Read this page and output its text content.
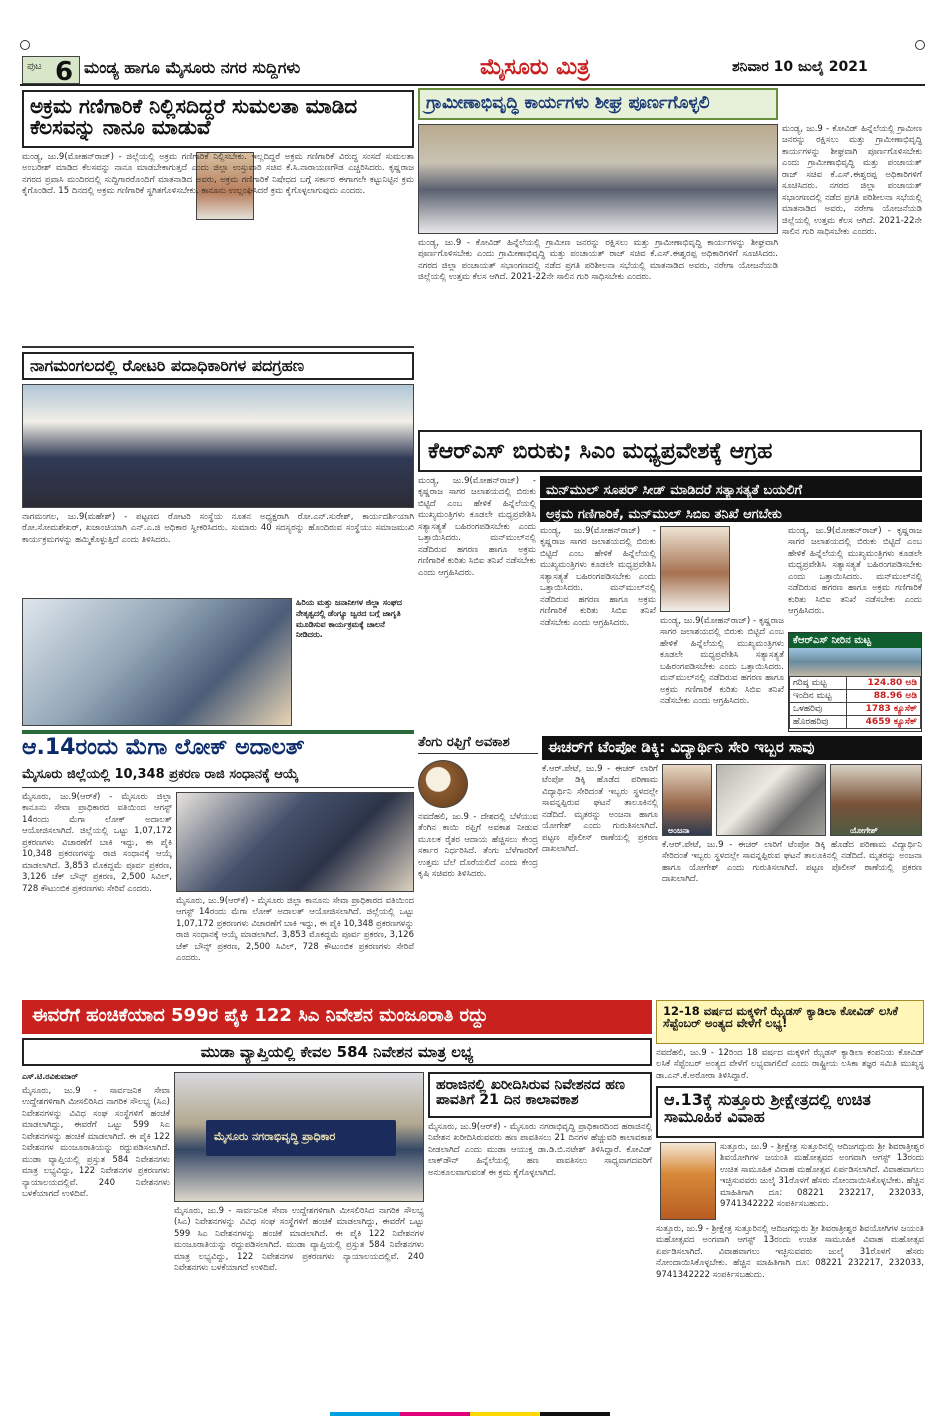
ಪುಟ 6 ಮಂಡ್ಯ ಹಾಗೂ ಮೈಸೂರು ನಗರ ಸುದ್ದಿಗಳು	ಮೈಸೂರು ಮಿತ್ರ	ಶನಿವಾರ 10 ಜುಲೈ 2021
ಅಕ್ರಮ ಗಣಿಗಾರಿಕೆ ನಿಲ್ಲಿಸದಿದ್ದರೆ ಸುಮಲತಾ ಮಾಡಿದ ಕೆಲಸವನ್ನು ನಾನೂ ಮಾಡುವೆ
ಮಂಡ್ಯ, ಜು.9(ಮೋಹನ್‌ರಾಜ್) - ಜಿಲ್ಲೆಯಲ್ಲಿ ಅಕ್ರಮ ಗಣಿಗಾರಿಕೆ ನಿಲ್ಲಿಸಬೇಕು. ಇಲ್ಲದಿದ್ದರೆ ಅಕ್ರಮ ಗಣಿಗಾರಿಕೆ ವಿರುದ್ಧ ಸಂಸದೆ ಸುಮಲತಾ ಅಂಬರೀಶ್ ಮಾಡಿದ ಕೆಲಸವನ್ನು ನಾನೂ ಮಾಡಬೇಕಾಗುತ್ತದೆ ಎಂದು ಜಿಲ್ಲಾ ಉಸ್ತುವಾರಿ ಸಚಿವ ಕೆ.ಸಿ.ನಾರಾಯಣಗೌಡ ಎಚ್ಚರಿಸಿದರು. ಕೃಷ್ಣರಾಜ ನಗರದ ಪ್ರವಾಸಿ ಮಂದಿರದಲ್ಲಿ ಸುದ್ದಿಗಾರರೊಂದಿಗೆ ಮಾತನಾಡಿದ ಅವರು, ಅಕ್ರಮ ಗಣಿಗಾರಿಕೆ ನಿಷೇಧದ ಬಗ್ಗೆ ಸರ್ಕಾರ ಈಗಾಗಲೇ ಕಟ್ಟುನಿಟ್ಟಿನ ಕ್ರಮ ಕೈಗೊಂಡಿದೆ. 15 ದಿನದಲ್ಲಿ ಅಕ್ರಮ ಗಣಿಗಾರಿಕೆ ಸ್ಥಗಿತಗೊಳಿಸಬೇಕು. ಕಾನೂನು ಉಲ್ಲಂಘಿಸಿದರೆ ಕ್ರಮ ಕೈಗೊಳ್ಳಲಾಗುವುದು ಎಂದರು.
ನಾಗಮಂಗಲದಲ್ಲಿ ರೋಟರಿ ಪದಾಧಿಕಾರಿಗಳ ಪದಗ್ರಹಣ
ನಾಗಮಂಗಲ, ಜು.9(ಮಹೇಶ್) - ಪಟ್ಟಣದ ರೋಟರಿ ಸಂಸ್ಥೆಯ ನೂತನ ಅಧ್ಯಕ್ಷರಾಗಿ ರೋ.ಎನ್.ಸುರೇಶ್, ಕಾರ್ಯದರ್ಶಿಯಾಗಿ ರೋ.ಸೋಮಶೇಖರ್, ಖಜಾಂಚಿಯಾಗಿ ಎನ್.ಎ.ಜಿ ಅಧಿಕಾರ ಸ್ವೀಕರಿಸಿದರು. ಸುಮಾರು 40 ಸದಸ್ಯರನ್ನು ಹೊಂದಿರುವ ಸಂಸ್ಥೆಯು ಸಮಾಜಮುಖಿ ಕಾರ್ಯಕ್ರಮಗಳನ್ನು ಹಮ್ಮಿಕೊಳ್ಳುತ್ತಿದೆ ಎಂದು ತಿಳಿಸಿದರು.
ಹಿರಿಯ ಮತ್ತು ಜನಾನೀಗಳ ಜಿಲ್ಲಾ ಸಂಘದ ನೇತೃತ್ವದಲ್ಲಿ ಡೆಂಗ್ಯೂ ಜ್ವರದ ಬಗ್ಗೆ ಜಾಗೃತಿ ಮೂಡಿಸುವ ಕಾರ್ಯಕ್ರಮಕ್ಕೆ ಚಾಲನೆ ನೀಡಿದರು.
ಗ್ರಾಮೀಣಾಭಿವೃದ್ಧಿ ಕಾರ್ಯಗಳು ಶೀಘ್ರ ಪೂರ್ಣಗೊಳ್ಳಲಿ
ಮಂಡ್ಯ, ಜು.9 - ಕೋವಿಡ್ ಹಿನ್ನೆಲೆಯಲ್ಲಿ ಗ್ರಾಮೀಣ ಜನರನ್ನು ರಕ್ಷಿಸಲು ಮತ್ತು ಗ್ರಾಮೀಣಾಭಿವೃದ್ಧಿ ಕಾರ್ಯಗಳನ್ನು ಶೀಘ್ರವಾಗಿ ಪೂರ್ಣಗೊಳಿಸಬೇಕು ಎಂದು ಗ್ರಾಮೀಣಾಭಿವೃದ್ಧಿ ಮತ್ತು ಪಂಚಾಯತ್ ರಾಜ್ ಸಚಿವ ಕೆ.ಎಸ್.ಈಶ್ವರಪ್ಪ ಅಧಿಕಾರಿಗಳಿಗೆ ಸೂಚಿಸಿದರು. ನಗರದ ಜಿಲ್ಲಾ ಪಂಚಾಯತ್ ಸಭಾಂಗಣದಲ್ಲಿ ನಡೆದ ಪ್ರಗತಿ ಪರಿಶೀಲನಾ ಸಭೆಯಲ್ಲಿ ಮಾತನಾಡಿದ ಅವರು, ನರೇಗಾ ಯೋಜನೆಯಡಿ ಜಿಲ್ಲೆಯಲ್ಲಿ ಉತ್ತಮ ಕೆಲಸ ಆಗಿದೆ. 2021-22ನೇ ಸಾಲಿನ ಗುರಿ ಸಾಧಿಸಬೇಕು ಎಂದರು.
ಮಂಡ್ಯ, ಜು.9 - ಕೋವಿಡ್ ಹಿನ್ನೆಲೆಯಲ್ಲಿ ಗ್ರಾಮೀಣ ಜನರನ್ನು ರಕ್ಷಿಸಲು ಮತ್ತು ಗ್ರಾಮೀಣಾಭಿವೃದ್ಧಿ ಕಾರ್ಯಗಳನ್ನು ಶೀಘ್ರವಾಗಿ ಪೂರ್ಣಗೊಳಿಸಬೇಕು ಎಂದು ಗ್ರಾಮೀಣಾಭಿವೃದ್ಧಿ ಮತ್ತು ಪಂಚಾಯತ್ ರಾಜ್ ಸಚಿವ ಕೆ.ಎಸ್.ಈಶ್ವರಪ್ಪ ಅಧಿಕಾರಿಗಳಿಗೆ ಸೂಚಿಸಿದರು. ನಗರದ ಜಿಲ್ಲಾ ಪಂಚಾಯತ್ ಸಭಾಂಗಣದಲ್ಲಿ ನಡೆದ ಪ್ರಗತಿ ಪರಿಶೀಲನಾ ಸಭೆಯಲ್ಲಿ ಮಾತನಾಡಿದ ಅವರು, ನರೇಗಾ ಯೋಜನೆಯಡಿ ಜಿಲ್ಲೆಯಲ್ಲಿ ಉತ್ತಮ ಕೆಲಸ ಆಗಿದೆ. 2021-22ನೇ ಸಾಲಿನ ಗುರಿ ಸಾಧಿಸಬೇಕು ಎಂದರು.
ಕೆಆರ್‌ಎಸ್ ಬಿರುಕು; ಸಿಎಂ ಮಧ್ಯಪ್ರವೇಶಕ್ಕೆ ಆಗ್ರಹ
ಮನ್‌ಮುಲ್ ಸೂಪರ್ ಸೀಡ್ ಮಾಡಿದರೆ ಸತ್ಯಾಸತ್ಯತೆ ಬಯಲಿಗೆ
ಅಕ್ರಮ ಗಣಿಗಾರಿಕೆ, ಮನ್‌ಮುಲ್ ಸಿಬಿಐ ತನಿಖೆ ಆಗಬೇಕು
ಮಂಡ್ಯ, ಜು.9(ಮೋಹನ್‌ರಾಜ್) - ಕೃಷ್ಣರಾಜ ಸಾಗರ ಜಲಾಶಯದಲ್ಲಿ ಬಿರುಕು ಬಿಟ್ಟಿದೆ ಎಂಬ ಹೇಳಿಕೆ ಹಿನ್ನೆಲೆಯಲ್ಲಿ ಮುಖ್ಯಮಂತ್ರಿಗಳು ಕೂಡಲೇ ಮಧ್ಯಪ್ರವೇಶಿಸಿ ಸತ್ಯಾಸತ್ಯತೆ ಬಹಿರಂಗಪಡಿಸಬೇಕು ಎಂದು ಒತ್ತಾಯಿಸಿದರು. ಮನ್‌ಮುಲ್‌ನಲ್ಲಿ ನಡೆದಿರುವ ಹಗರಣ ಹಾಗೂ ಅಕ್ರಮ ಗಣಿಗಾರಿಕೆ ಕುರಿತು ಸಿಬಿಐ ತನಿಖೆ ನಡೆಸಬೇಕು ಎಂದು ಆಗ್ರಹಿಸಿದರು.
ಮಂಡ್ಯ, ಜು.9(ಮೋಹನ್‌ರಾಜ್) - ಕೃಷ್ಣರಾಜ ಸಾಗರ ಜಲಾಶಯದಲ್ಲಿ ಬಿರುಕು ಬಿಟ್ಟಿದೆ ಎಂಬ ಹೇಳಿಕೆ ಹಿನ್ನೆಲೆಯಲ್ಲಿ ಮುಖ್ಯಮಂತ್ರಿಗಳು ಕೂಡಲೇ ಮಧ್ಯಪ್ರವೇಶಿಸಿ ಸತ್ಯಾಸತ್ಯತೆ ಬಹಿರಂಗಪಡಿಸಬೇಕು ಎಂದು ಒತ್ತಾಯಿಸಿದರು. ಮನ್‌ಮುಲ್‌ನಲ್ಲಿ ನಡೆದಿರುವ ಹಗರಣ ಹಾಗೂ ಅಕ್ರಮ ಗಣಿಗಾರಿಕೆ ಕುರಿತು ಸಿಬಿಐ ತನಿಖೆ ನಡೆಸಬೇಕು ಎಂದು ಆಗ್ರಹಿಸಿದರು.	ಮಂಡ್ಯ, ಜು.9(ಮೋಹನ್‌ರಾಜ್) - ಕೃಷ್ಣರಾಜ ಸಾಗರ ಜಲಾಶಯದಲ್ಲಿ ಬಿರುಕು ಬಿಟ್ಟಿದೆ ಎಂಬ ಹೇಳಿಕೆ ಹಿನ್ನೆಲೆಯಲ್ಲಿ ಮುಖ್ಯಮಂತ್ರಿಗಳು ಕೂಡಲೇ ಮಧ್ಯಪ್ರವೇಶಿಸಿ ಸತ್ಯಾಸತ್ಯತೆ ಬಹಿರಂಗಪಡಿಸಬೇಕು ಎಂದು ಒತ್ತಾಯಿಸಿದರು. ಮನ್‌ಮುಲ್‌ನಲ್ಲಿ ನಡೆದಿರುವ ಹಗರಣ ಹಾಗೂ ಅಕ್ರಮ ಗಣಿಗಾರಿಕೆ ಕುರಿತು ಸಿಬಿಐ ತನಿಖೆ ನಡೆಸಬೇಕು ಎಂದು ಆಗ್ರಹಿಸಿದರು.
ಮಂಡ್ಯ, ಜು.9(ಮೋಹನ್‌ರಾಜ್) - ಕೃಷ್ಣರಾಜ ಸಾಗರ ಜಲಾಶಯದಲ್ಲಿ ಬಿರುಕು ಬಿಟ್ಟಿದೆ ಎಂಬ ಹೇಳಿಕೆ ಹಿನ್ನೆಲೆಯಲ್ಲಿ ಮುಖ್ಯಮಂತ್ರಿಗಳು ಕೂಡಲೇ ಮಧ್ಯಪ್ರವೇಶಿಸಿ ಸತ್ಯಾಸತ್ಯತೆ ಬಹಿರಂಗಪಡಿಸಬೇಕು ಎಂದು ಒತ್ತಾಯಿಸಿದರು. ಮನ್‌ಮುಲ್‌ನಲ್ಲಿ ನಡೆದಿರುವ ಹಗರಣ ಹಾಗೂ ಅಕ್ರಮ ಗಣಿಗಾರಿಕೆ ಕುರಿತು ಸಿಬಿಐ ತನಿಖೆ ನಡೆಸಬೇಕು ಎಂದು ಆಗ್ರಹಿಸಿದರು.
ಕೆಆರ್‌ಎಸ್ ನೀರಿನ ಮಟ್ಟ
ಗರಿಷ್ಠ ಮಟ್ಟ	124.80 ಅಡಿ
ಇಂದಿನ ಮಟ್ಟ	88.96 ಅಡಿ
ಒಳಹರಿವು	1783 ಕ್ಯೂಸೆಕ್
ಹೊರಹರಿವು	4659 ಕ್ಯೂಸೆಕ್
ಆ.14ರಂದು ಮೆಗಾ ಲೋಕ್ ಅದಾಲತ್
ಮೈಸೂರು ಜಿಲ್ಲೆಯಲ್ಲಿ 10,348 ಪ್ರಕರಣ ರಾಜಿ ಸಂಧಾನಕ್ಕೆ ಆಯ್ಕೆ
ಮೈಸೂರು, ಜು.9(ಆರ್‌ಕೆ) - ಮೈಸೂರು ಜಿಲ್ಲಾ ಕಾನೂನು ಸೇವಾ ಪ್ರಾಧಿಕಾರದ ವತಿಯಿಂದ ಆಗಸ್ಟ್ 14ರಂದು ಮೆಗಾ ಲೋಕ್ ಅದಾಲತ್ ಆಯೋಜಿಸಲಾಗಿದೆ. ಜಿಲ್ಲೆಯಲ್ಲಿ ಒಟ್ಟು 1,07,172 ಪ್ರಕರಣಗಳು ವಿಚಾರಣೆಗೆ ಬಾಕಿ ಇದ್ದು, ಈ ಪೈಕಿ 10,348 ಪ್ರಕರಣಗಳನ್ನು ರಾಜಿ ಸಂಧಾನಕ್ಕೆ ಆಯ್ಕೆ ಮಾಡಲಾಗಿದೆ. 3,853 ಮೊಕದ್ದಮೆ ಪೂರ್ವ ಪ್ರಕರಣ, 3,126 ಚೆಕ್ ಬೌನ್ಸ್ ಪ್ರಕರಣ, 2,500 ಸಿವಿಲ್, 728 ಕೌಟುಂಬಿಕ ಪ್ರಕರಣಗಳು ಸೇರಿವೆ ಎಂದರು.
ಮೈಸೂರು, ಜು.9(ಆರ್‌ಕೆ) - ಮೈಸೂರು ಜಿಲ್ಲಾ ಕಾನೂನು ಸೇವಾ ಪ್ರಾಧಿಕಾರದ ವತಿಯಿಂದ ಆಗಸ್ಟ್ 14ರಂದು ಮೆಗಾ ಲೋಕ್ ಅದಾಲತ್ ಆಯೋಜಿಸಲಾಗಿದೆ. ಜಿಲ್ಲೆಯಲ್ಲಿ ಒಟ್ಟು 1,07,172 ಪ್ರಕರಣಗಳು ವಿಚಾರಣೆಗೆ ಬಾಕಿ ಇದ್ದು, ಈ ಪೈಕಿ 10,348 ಪ್ರಕರಣಗಳನ್ನು ರಾಜಿ ಸಂಧಾನಕ್ಕೆ ಆಯ್ಕೆ ಮಾಡಲಾಗಿದೆ. 3,853 ಮೊಕದ್ದಮೆ ಪೂರ್ವ ಪ್ರಕರಣ, 3,126 ಚೆಕ್ ಬೌನ್ಸ್ ಪ್ರಕರಣ, 2,500 ಸಿವಿಲ್, 728 ಕೌಟುಂಬಿಕ ಪ್ರಕರಣಗಳು ಸೇರಿವೆ ಎಂದರು.
ತೆಂಗು ರಫ್ತಿಗೆ ಅವಕಾಶ
ನವದೆಹಲಿ, ಜು.9 - ದೇಶದಲ್ಲಿ ಬೆಳೆಯುವ ತೆಂಗಿನ ಕಾಯಿ ರಫ್ತಿಗೆ ಅವಕಾಶ ನೀಡುವ ಮೂಲಕ ರೈತರ ಆದಾಯ ಹೆಚ್ಚಿಸಲು ಕೇಂದ್ರ ಸರ್ಕಾರ ನಿರ್ಧರಿಸಿದೆ. ತೆಂಗು ಬೆಳೆಗಾರರಿಗೆ ಉತ್ತಮ ಬೆಲೆ ದೊರೆಯಲಿದೆ ಎಂದು ಕೇಂದ್ರ ಕೃಷಿ ಸಚಿವರು ತಿಳಿಸಿದರು.
ಈಚರ್‌ಗೆ ಟೆಂಪೋ ಡಿಕ್ಕಿ: ವಿದ್ಯಾರ್ಥಿನಿ ಸೇರಿ ಇಬ್ಬರ ಸಾವು
ಅಂಜನಾ	ಯೋಗೇಶ್
ಕೆ.ಆರ್.ಪೇಟೆ, ಜು.9 - ಈಚರ್ ಲಾರಿಗೆ ಟೆಂಪೋ ಡಿಕ್ಕಿ ಹೊಡೆದ ಪರಿಣಾಮ ವಿದ್ಯಾರ್ಥಿನಿ ಸೇರಿದಂತೆ ಇಬ್ಬರು ಸ್ಥಳದಲ್ಲೇ ಸಾವನ್ನಪ್ಪಿರುವ ಘಟನೆ ತಾಲೂಕಿನಲ್ಲಿ ನಡೆದಿದೆ. ಮೃತರನ್ನು ಅಂಜನಾ ಹಾಗೂ ಯೋಗೇಶ್ ಎಂದು ಗುರುತಿಸಲಾಗಿದೆ. ಪಟ್ಟಣ ಪೊಲೀಸ್ ಠಾಣೆಯಲ್ಲಿ ಪ್ರಕರಣ ದಾಖಲಾಗಿದೆ.	ಕೆ.ಆರ್.ಪೇಟೆ, ಜು.9 - ಈಚರ್ ಲಾರಿಗೆ ಟೆಂಪೋ ಡಿಕ್ಕಿ ಹೊಡೆದ ಪರಿಣಾಮ ವಿದ್ಯಾರ್ಥಿನಿ ಸೇರಿದಂತೆ ಇಬ್ಬರು ಸ್ಥಳದಲ್ಲೇ ಸಾವನ್ನಪ್ಪಿರುವ ಘಟನೆ ತಾಲೂಕಿನಲ್ಲಿ ನಡೆದಿದೆ. ಮೃತರನ್ನು ಅಂಜನಾ ಹಾಗೂ ಯೋಗೇಶ್ ಎಂದು ಗುರುತಿಸಲಾಗಿದೆ. ಪಟ್ಟಣ ಪೊಲೀಸ್ ಠಾಣೆಯಲ್ಲಿ ಪ್ರಕರಣ ದಾಖಲಾಗಿದೆ.
ಈವರೆಗೆ ಹಂಚಿಕೆಯಾದ 599ರ ಪೈಕಿ 122 ಸಿಎ ನಿವೇಶನ ಮಂಜೂರಾತಿ ರದ್ದು
ಮುಡಾ ವ್ಯಾಪ್ತಿಯಲ್ಲಿ ಕೇವಲ 584 ನಿವೇಶನ ಮಾತ್ರ ಲಭ್ಯ
ಎಸ್.ಟಿ.ರವಿಕುಮಾರ್
ಮೈಸೂರು, ಜು.9 - ಸಾರ್ವಜನಿಕ ಸೇವಾ ಉದ್ದೇಶಗಳಿಗಾಗಿ ಮೀಸಲಿರಿಸಿದ ನಾಗರಿಕ ಸೌಲಭ್ಯ (ಸಿಎ) ನಿವೇಶನಗಳನ್ನು ವಿವಿಧ ಸಂಘ ಸಂಸ್ಥೆಗಳಿಗೆ ಹಂಚಿಕೆ ಮಾಡಲಾಗಿದ್ದು, ಈವರೆಗೆ ಒಟ್ಟು 599 ಸಿಎ ನಿವೇಶನಗಳನ್ನು ಹಂಚಿಕೆ ಮಾಡಲಾಗಿದೆ. ಈ ಪೈಕಿ 122 ನಿವೇಶನಗಳ ಮಂಜೂರಾತಿಯನ್ನು ರದ್ದುಪಡಿಸಲಾಗಿದೆ. ಮುಡಾ ವ್ಯಾಪ್ತಿಯಲ್ಲಿ ಪ್ರಸ್ತುತ 584 ನಿವೇಶನಗಳು ಮಾತ್ರ ಲಭ್ಯವಿದ್ದು, 122 ನಿವೇಶನಗಳ ಪ್ರಕರಣಗಳು ನ್ಯಾಯಾಲಯದಲ್ಲಿವೆ. 240 ನಿವೇಶನಗಳು ಬಳಕೆಯಾಗದೆ ಉಳಿದಿವೆ.
ಮೈಸೂರು ನಗರಾಭಿವೃದ್ಧಿ ಪ್ರಾಧಿಕಾರ
ಮೈಸೂರು, ಜು.9 - ಸಾರ್ವಜನಿಕ ಸೇವಾ ಉದ್ದೇಶಗಳಿಗಾಗಿ ಮೀಸಲಿರಿಸಿದ ನಾಗರಿಕ ಸೌಲಭ್ಯ (ಸಿಎ) ನಿವೇಶನಗಳನ್ನು ವಿವಿಧ ಸಂಘ ಸಂಸ್ಥೆಗಳಿಗೆ ಹಂಚಿಕೆ ಮಾಡಲಾಗಿದ್ದು, ಈವರೆಗೆ ಒಟ್ಟು 599 ಸಿಎ ನಿವೇಶನಗಳನ್ನು ಹಂಚಿಕೆ ಮಾಡಲಾಗಿದೆ. ಈ ಪೈಕಿ 122 ನಿವೇಶನಗಳ ಮಂಜೂರಾತಿಯನ್ನು ರದ್ದುಪಡಿಸಲಾಗಿದೆ. ಮುಡಾ ವ್ಯಾಪ್ತಿಯಲ್ಲಿ ಪ್ರಸ್ತುತ 584 ನಿವೇಶನಗಳು ಮಾತ್ರ ಲಭ್ಯವಿದ್ದು, 122 ನಿವೇಶನಗಳ ಪ್ರಕರಣಗಳು ನ್ಯಾಯಾಲಯದಲ್ಲಿವೆ. 240 ನಿವೇಶನಗಳು ಬಳಕೆಯಾಗದೆ ಉಳಿದಿವೆ.
ಹರಾಜಿನಲ್ಲಿ ಖರೀದಿಸಿರುವ ನಿವೇಶನದ ಹಣ ಪಾವತಿಗೆ 21 ದಿನ ಕಾಲಾವಕಾಶ
ಮೈಸೂರು, ಜು.9(ಆರ್‌ಕೆ) - ಮೈಸೂರು ನಗರಾಭಿವೃದ್ಧಿ ಪ್ರಾಧಿಕಾರದಿಂದ ಹರಾಜಿನಲ್ಲಿ ನಿವೇಶನ ಖರೀದಿಸಿರುವವರು ಹಣ ಪಾವತಿಸಲು 21 ದಿನಗಳ ಹೆಚ್ಚುವರಿ ಕಾಲಾವಕಾಶ ನೀಡಲಾಗಿದೆ ಎಂದು ಮುಡಾ ಆಯುಕ್ತ ಡಾ.ಡಿ.ಬಿ.ನಟೇಶ್ ತಿಳಿಸಿದ್ದಾರೆ. ಕೋವಿಡ್ ಲಾಕ್‌ಡೌನ್ ಹಿನ್ನೆಲೆಯಲ್ಲಿ ಹಣ ಪಾವತಿಸಲು ಸಾಧ್ಯವಾಗದವರಿಗೆ ಅನುಕೂಲವಾಗುವಂತೆ ಈ ಕ್ರಮ ಕೈಗೊಳ್ಳಲಾಗಿದೆ.
12-18 ವರ್ಷದ ಮಕ್ಕಳಿಗೆ ಝೈಡಸ್ ಕ್ಯಾಡಿಲಾ ಕೋವಿಡ್ ಲಸಿಕೆ ಸೆಪ್ಟೆಂಬರ್ ಅಂತ್ಯದ ವೇಳೆಗೆ ಲಭ್ಯ!
ನವದೆಹಲಿ, ಜು.9 - 12ರಿಂದ 18 ವರ್ಷದ ಮಕ್ಕಳಿಗೆ ಝೈಡಸ್ ಕ್ಯಾಡಿಲಾ ಕಂಪನಿಯ ಕೋವಿಡ್ ಲಸಿಕೆ ಸೆಪ್ಟೆಂಬರ್ ಅಂತ್ಯದ ವೇಳೆಗೆ ಲಭ್ಯವಾಗಲಿದೆ ಎಂದು ರಾಷ್ಟ್ರೀಯ ಲಸಿಕಾ ತಜ್ಞರ ಸಮಿತಿ ಮುಖ್ಯಸ್ಥ ಡಾ.ಎನ್.ಕೆ.ಅರೋರಾ ತಿಳಿಸಿದ್ದಾರೆ.
ಆ.13ಕ್ಕೆ ಸುತ್ತೂರು ಶ್ರೀಕ್ಷೇತ್ರದಲ್ಲಿ ಉಚಿತ ಸಾಮೂಹಿಕ ವಿವಾಹ
ಸುತ್ತೂರು, ಜು.9 - ಶ್ರೀಕ್ಷೇತ್ರ ಸುತ್ತೂರಿನಲ್ಲಿ ಆದಿಜಗದ್ಗುರು ಶ್ರೀ ಶಿವರಾತ್ರೀಶ್ವರ ಶಿವಯೋಗಿಗಳ ಜಯಂತಿ ಮಹೋತ್ಸವದ ಅಂಗವಾಗಿ ಆಗಸ್ಟ್ 13ರಂದು ಉಚಿತ ಸಾಮೂಹಿಕ ವಿವಾಹ ಮಹೋತ್ಸವ ಏರ್ಪಡಿಸಲಾಗಿದೆ. ವಿವಾಹವಾಗಲು ಇಚ್ಛಿಸುವವರು ಜುಲೈ 31ರೊಳಗೆ ಹೆಸರು ನೋಂದಾಯಿಸಿಕೊಳ್ಳಬೇಕು. ಹೆಚ್ಚಿನ ಮಾಹಿತಿಗಾಗಿ ದೂ: 08221 232217, 232033, 9741342222 ಸಂಪರ್ಕಿಸಬಹುದು.
ಸುತ್ತೂರು, ಜು.9 - ಶ್ರೀಕ್ಷೇತ್ರ ಸುತ್ತೂರಿನಲ್ಲಿ ಆದಿಜಗದ್ಗುರು ಶ್ರೀ ಶಿವರಾತ್ರೀಶ್ವರ ಶಿವಯೋಗಿಗಳ ಜಯಂತಿ ಮಹೋತ್ಸವದ ಅಂಗವಾಗಿ ಆಗಸ್ಟ್ 13ರಂದು ಉಚಿತ ಸಾಮೂಹಿಕ ವಿವಾಹ ಮಹೋತ್ಸವ ಏರ್ಪಡಿಸಲಾಗಿದೆ. ವಿವಾಹವಾಗಲು ಇಚ್ಛಿಸುವವರು ಜುಲೈ 31ರೊಳಗೆ ಹೆಸರು ನೋಂದಾಯಿಸಿಕೊಳ್ಳಬೇಕು. ಹೆಚ್ಚಿನ ಮಾಹಿತಿಗಾಗಿ ದೂ: 08221 232217, 232033, 9741342222 ಸಂಪರ್ಕಿಸಬಹುದು.
